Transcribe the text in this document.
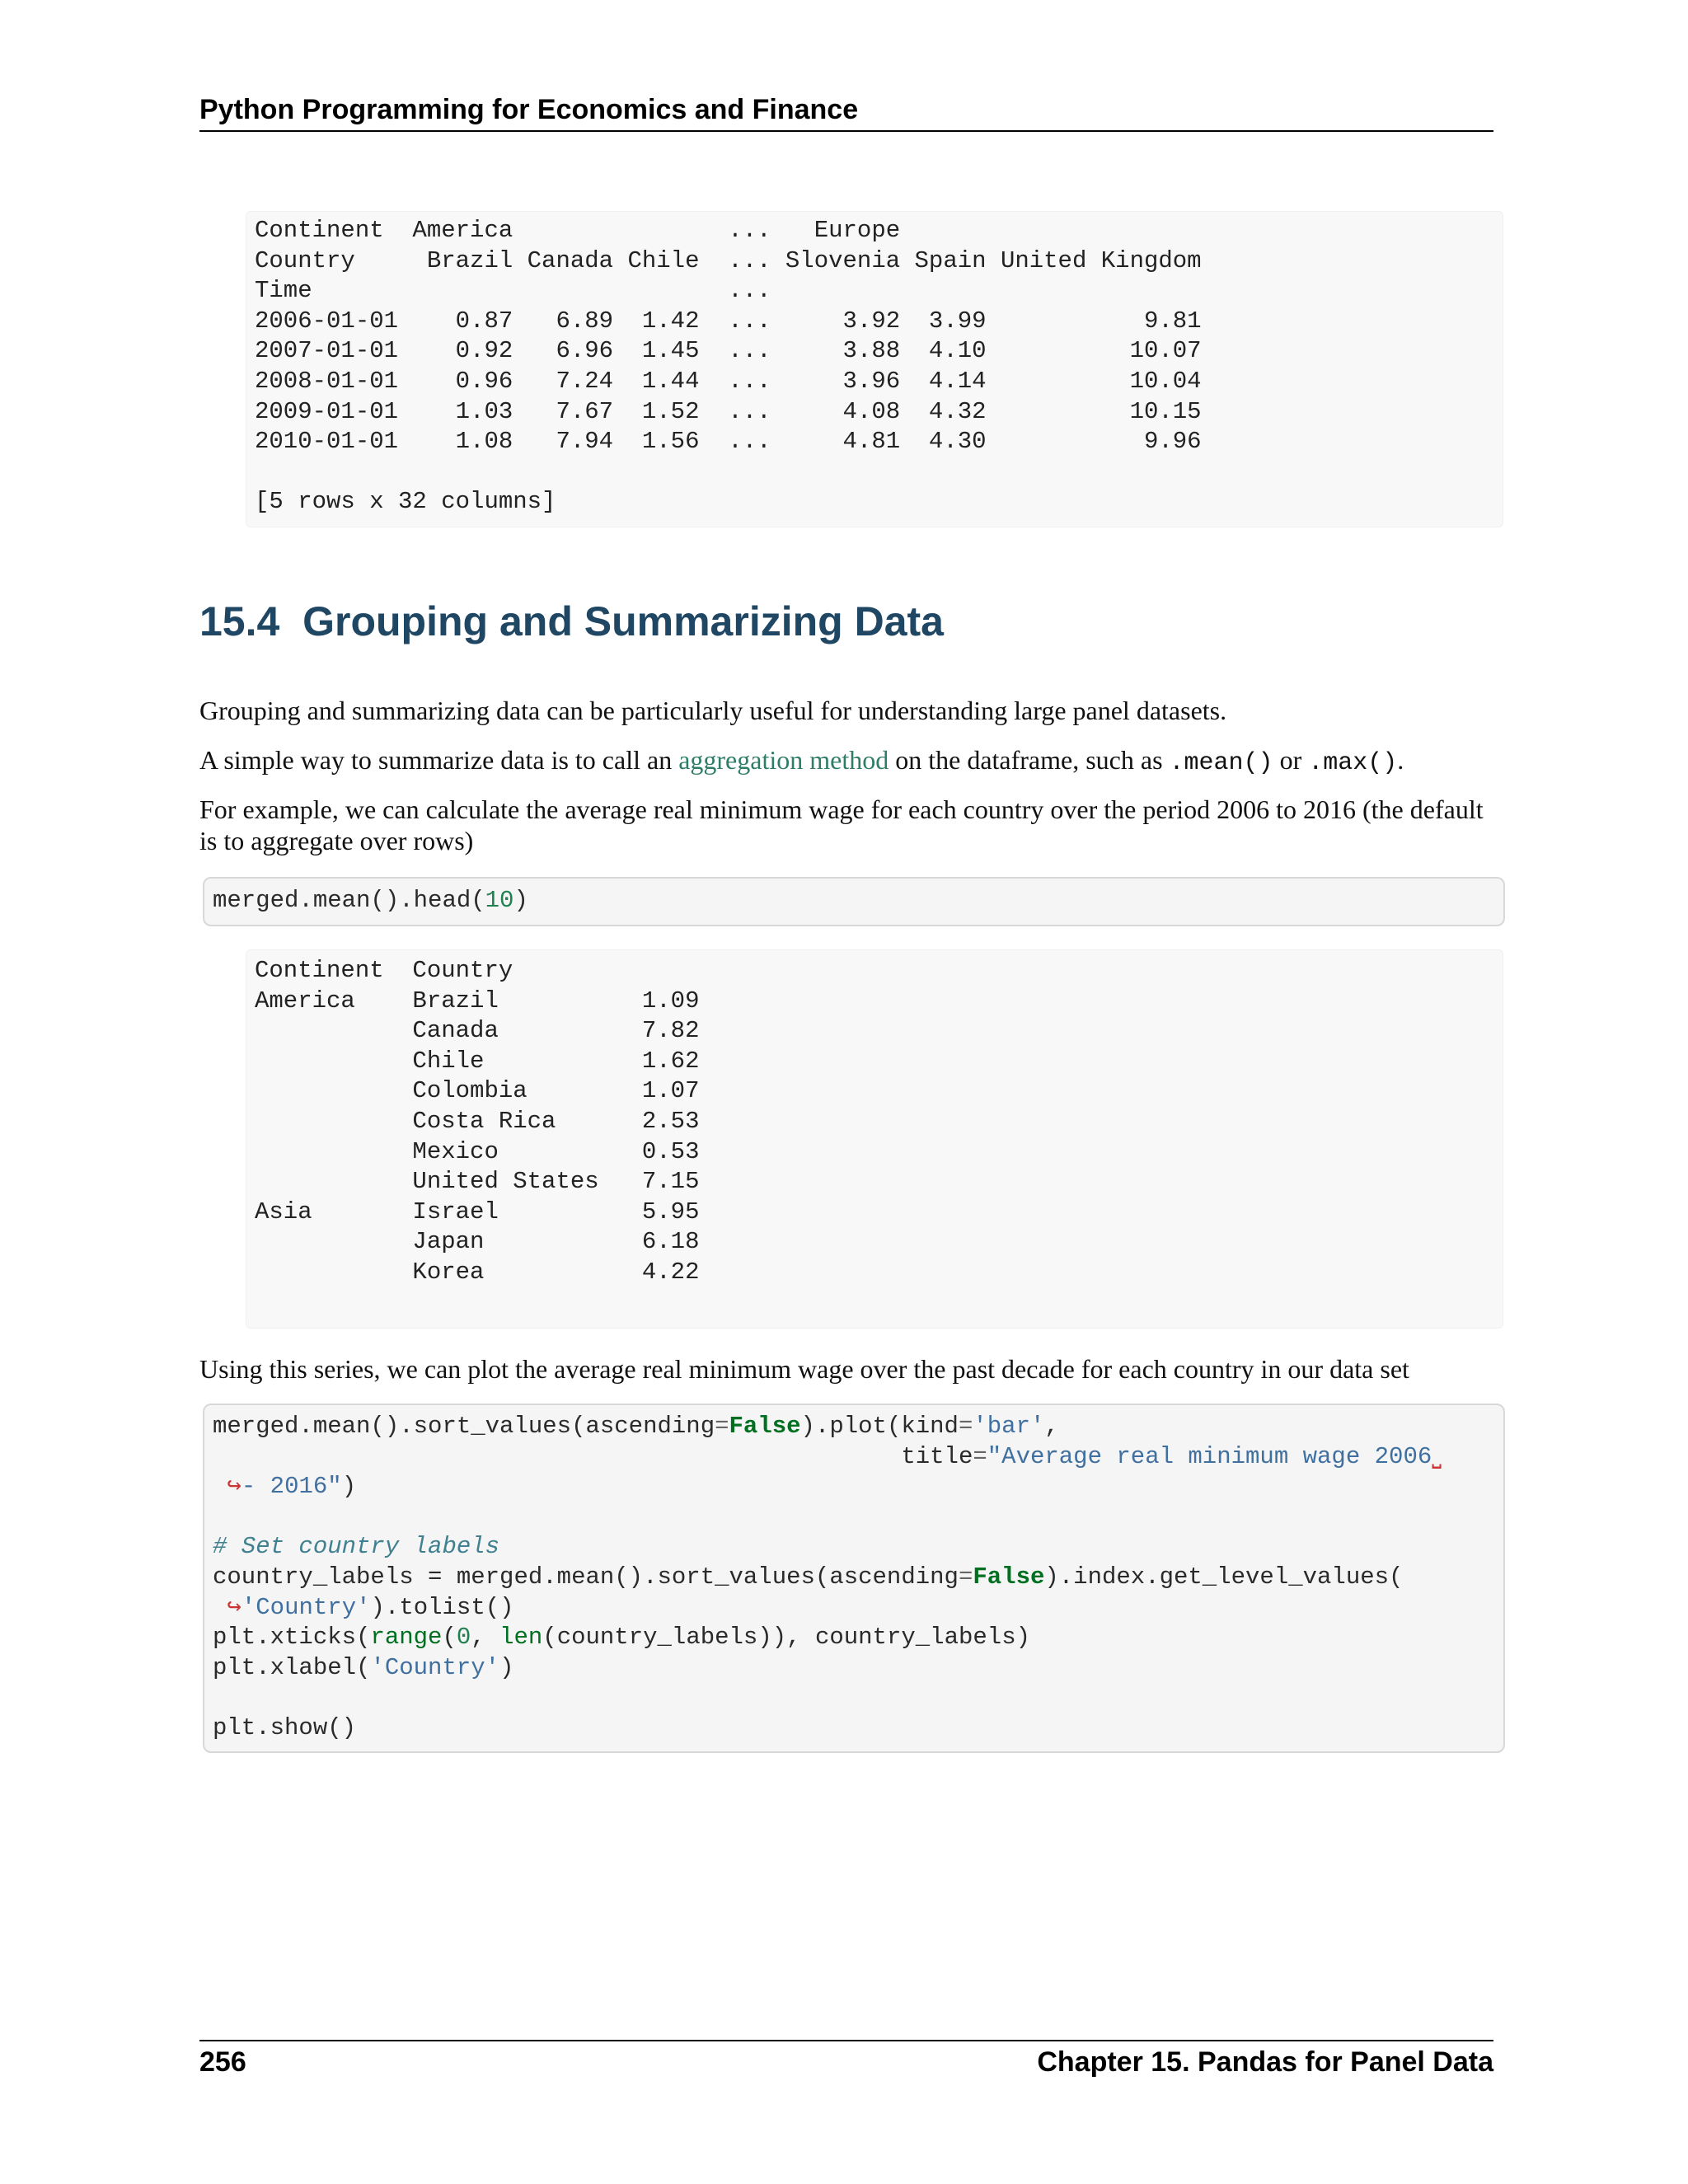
Python Programming for Economics and Finance
Continent  America               ...   Europe
Country     Brazil Canada Chile  ... Slovenia Spain United Kingdom
Time                             ...
2006-01-01    0.87   6.89  1.42  ...     3.92  3.99           9.81
2007-01-01    0.92   6.96  1.45  ...     3.88  4.10          10.07
2008-01-01    0.96   7.24  1.44  ...     3.96  4.14          10.04
2009-01-01    1.03   7.67  1.52  ...     4.08  4.32          10.15
2010-01-01    1.08   7.94  1.56  ...     4.81  4.30           9.96

[5 rows x 32 columns]
15.4 Grouping and Summarizing Data
Grouping and summarizing data can be particularly useful for understanding large panel datasets.
A simple way to summarize data is to call an aggregation method on the dataframe, such as .mean() or .max().
For example, we can calculate the average real minimum wage for each country over the period 2006 to 2016 (the default is to aggregate over rows)
merged.mean().head(10)
Continent  Country
America    Brazil          1.09
Canada          7.82
Chile           1.62
Colombia        1.07
Costa Rica      2.53
Mexico          0.53
United States   7.15
Asia       Israel          5.95
Japan           6.18
Korea           4.22
Using this series, we can plot the average real minimum wage over the past decade for each country in our data set
merged.mean().sort_values(ascending=False).plot(kind='bar',
title="Average real minimum wage 2006⎵
↪- 2016")

# Set country labels
country_labels = merged.mean().sort_values(ascending=False).index.get_level_values(
↪'Country').tolist()
plt.xticks(range(0, len(country_labels)), country_labels)
plt.xlabel('Country')

plt.show()
256	Chapter 15. Pandas for Panel Data
